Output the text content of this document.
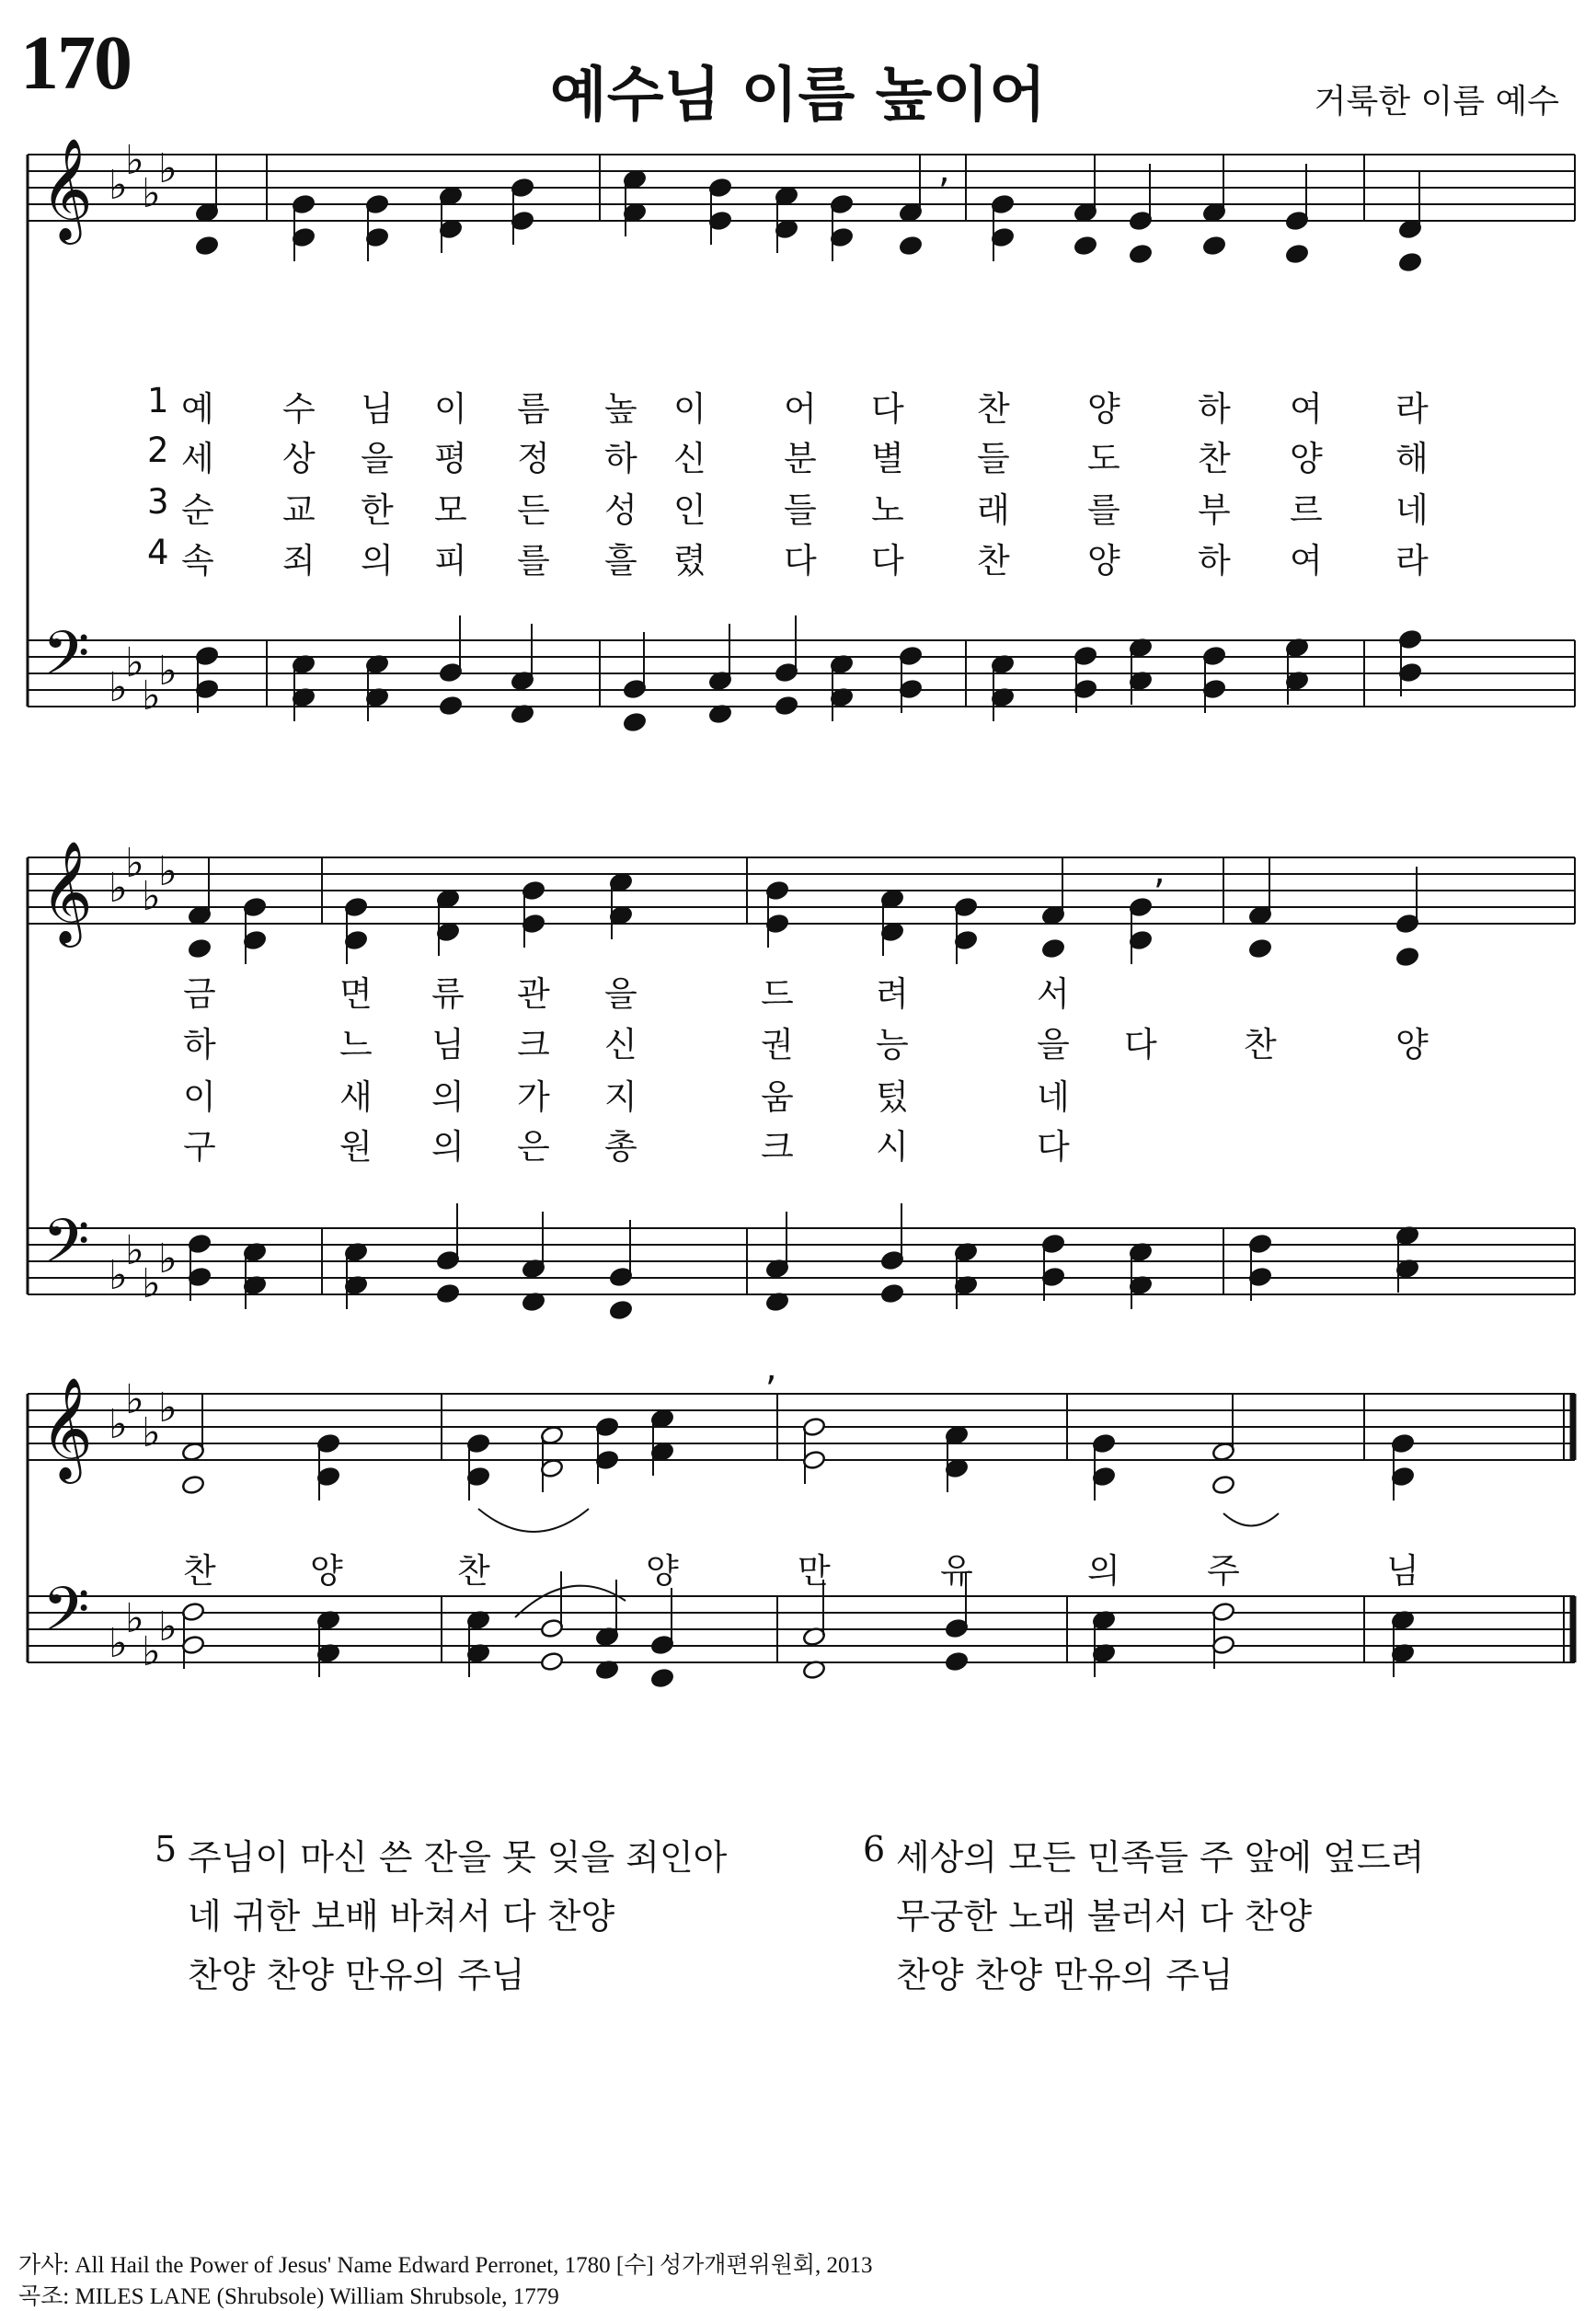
170	예수님 이름 높이어	거룩한 이름 예수
𝄞 ♭
♭
♭
♭
𝄢 ♭
♭
♭
♭
𝄞 ♭
♭
♭
♭
𝄢 ♭
♭
♭
♭
𝄞 ♭
♭
♭
♭
𝄢 ♭
♭
♭
♭
,
,
,
1 예 수 님 이 름 높 이 어 다 찬 양 하 여 라
2 세 상 을 평 정 하 신 분 별 들 도 찬 양 해
3 순 교 한 모 든 성 인 들 노 래 를 부 르 네
4 속 죄 의 피 를 흘 렸 다 다 찬 양 하 여 라
금	면 류 관 을	드 려	서
하	느 님 크 신	권 능	을 다	찬	양
이	새 의 가 지	움 텄	네
구	원 의 은 총	크 시	다
찬	양	찬	양	만	유	의	주	님
5 주님이 마신 쓴 잔을 못 잊을 죄인아
네 귀한 보배 바쳐서 다 찬양
찬양 찬양 만유의 주님
6 세상의 모든 민족들 주 앞에 엎드려
무궁한 노래 불러서 다 찬양
찬양 찬양 만유의 주님
가사: All Hail the Power of Jesus' Name Edward Perronet, 1780 [수] 성가개편위원회, 2013
곡조: MILES LANE (Shrubsole) William Shrubsole, 1779
